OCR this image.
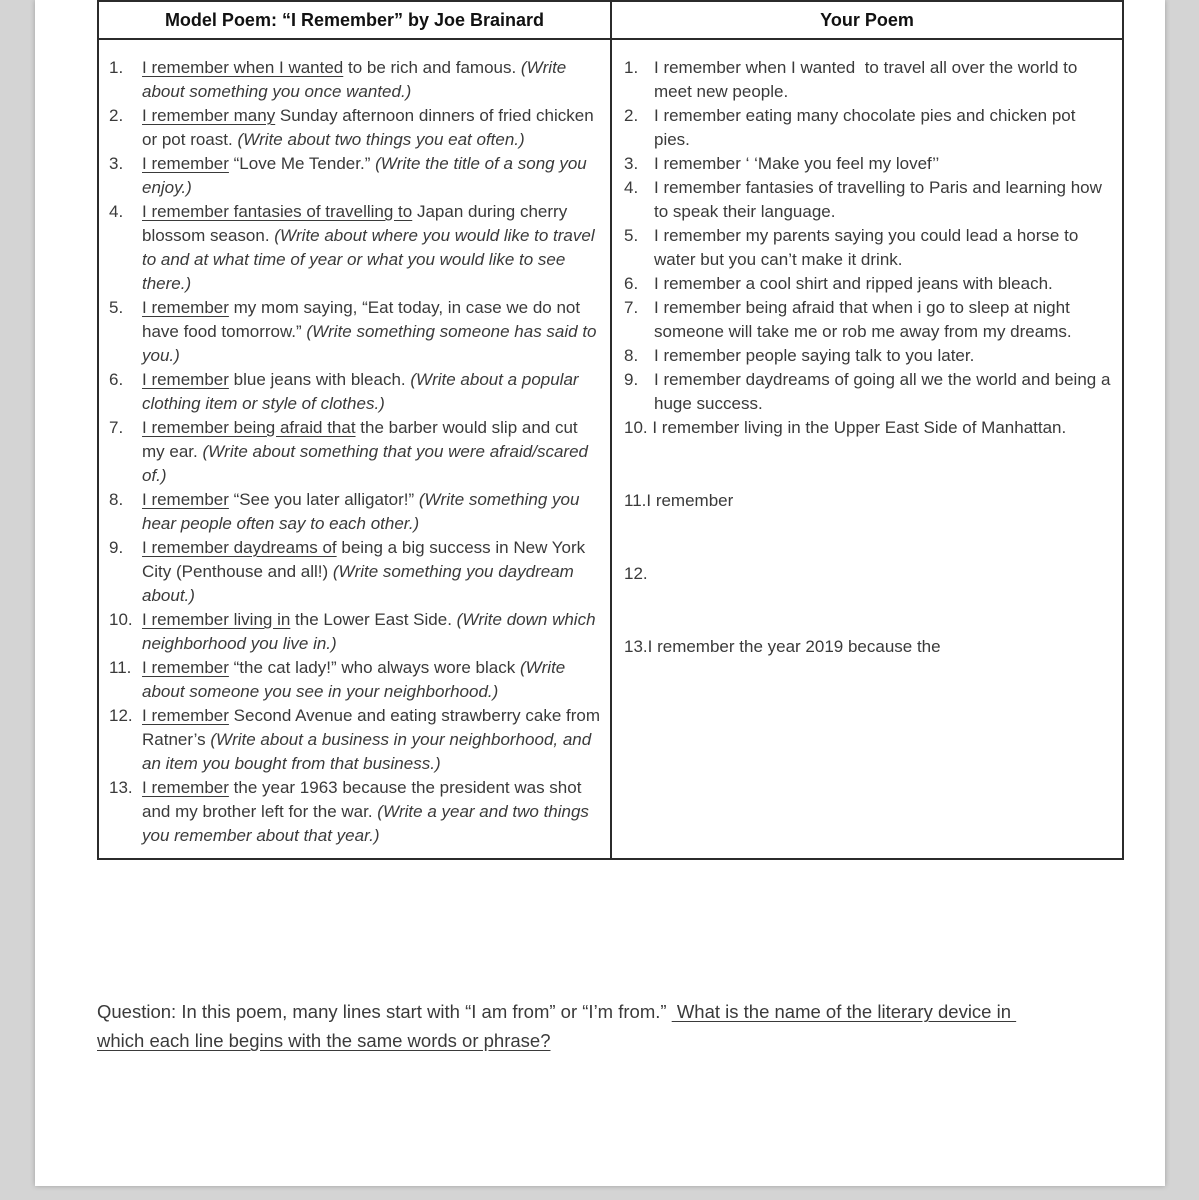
Model Poem: “I Remember” by Joe Brainard	Your Poem

1.	I remember when I wanted to be rich and famous. (Write about something you once wanted.)
2.	I remember many Sunday afternoon dinners of fried chicken or pot roast. (Write about two things you eat often.)
3.	I remember “Love Me Tender.” (Write the title of a song you enjoy.)
4.	I remember fantasies of travelling to Japan during cherry blossom season. (Write about where you would like to travel to and at what time of year or what you would like to see there.)
5.	I remember my mom saying, “Eat today, in case we do not have food tomorrow.” (Write something someone has said to you.)
6.	I remember blue jeans with bleach. (Write about a popular clothing item or style of clothes.)
7.	I remember being afraid that the barber would slip and cut my ear. (Write about something that you were afraid/scared of.)
8.	I remember “See you later alligator!” (Write something you hear people often say to each other.)
9.	I remember daydreams of being a big success in New York City (Penthouse and all!) (Write something you daydream about.)
10. I remember living in the Lower East Side. (Write down which neighborhood you live in.)
11. I remember “the cat lady!” who always wore black (Write about someone you see in your neighborhood.)
12. I remember Second Avenue and eating strawberry cake from Ratner’s (Write about a business in your neighborhood, and an item you bought from that business.)
13. I remember the year 1963 because the president was shot and my brother left for the war. (Write a year and two things you remember about that year.)

1. I remember when I wanted  to travel all over the world to meet new people.
2. I remember eating many chocolate pies and chicken pot pies.
3. I remember ‘ ‘Make you feel my lovef’’
4. I remember fantasies of travelling to Paris and learning how to speak their language.
5. I remember my parents saying you could lead a horse to water but you can’t make it drink.
6. I remember a cool shirt and ripped jeans with bleach.
7. I remember being afraid that when i go to sleep at night someone will take me or rob me away from my dreams.
8. I remember people saying talk to you later.
9. I remember daydreams of going all we the world and being a huge success.
10. I remember living in the Upper East Side of Manhattan.
11.I remember
12.
13.I remember the year 2019 because the
Question: In this poem, many lines start with “I am from” or “I’m from.”  What is the name of the literary device in which each line begins with the same words or phrase?
